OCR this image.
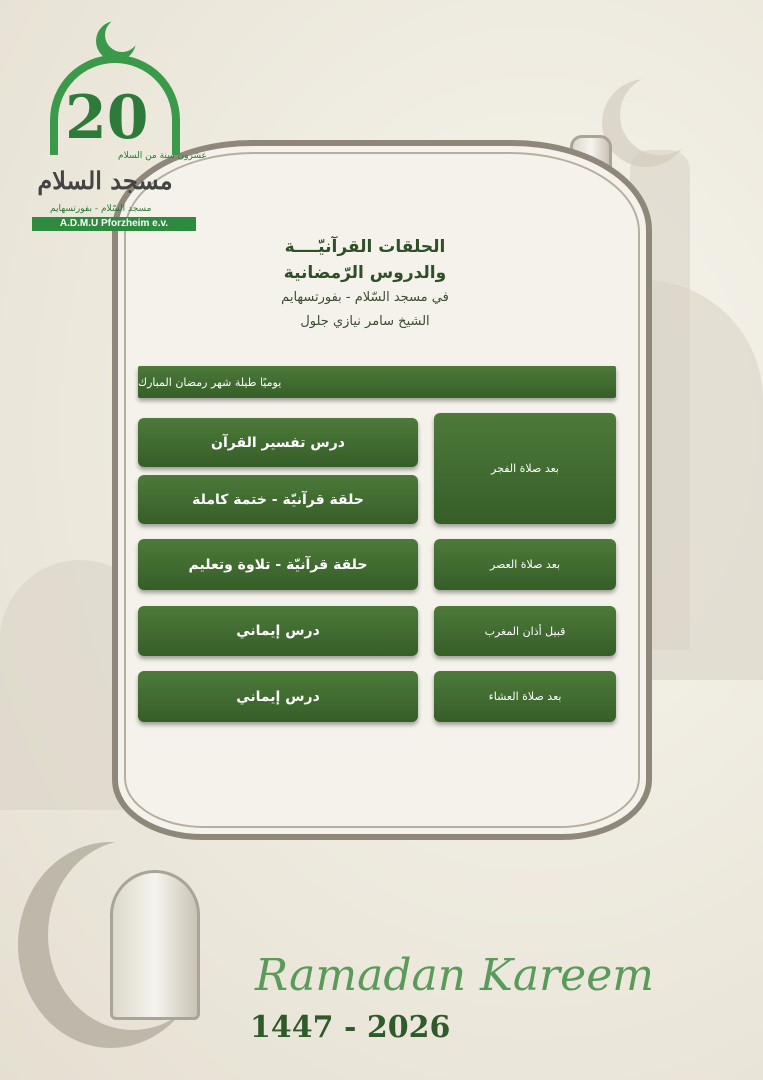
20
عشرون سنة من السلام
مسجد السلام
مسجد السّلام - بفورتسهايم
A.D.M.U Pforzheim e.v.
الحلقات القرآنيّــــة
والدروس الرّمضانية
في مسجد السّلام - بفورتسهايم
الشيخ سامر نيازي جلول
يوميًا طيلة شهر رمضان المبارك
بعد صلاة الفجر
درس تفسير القرآن
حلقة قرآنيّة - ختمة كاملة
بعد صلاة العصر
حلقة قرآنيّة - تلاوة وتعليم
قبيل أذان المغرب
درس إيماني
بعد صلاة العشاء
درس إيماني
Ramadan Kareem
1447 - 2026
